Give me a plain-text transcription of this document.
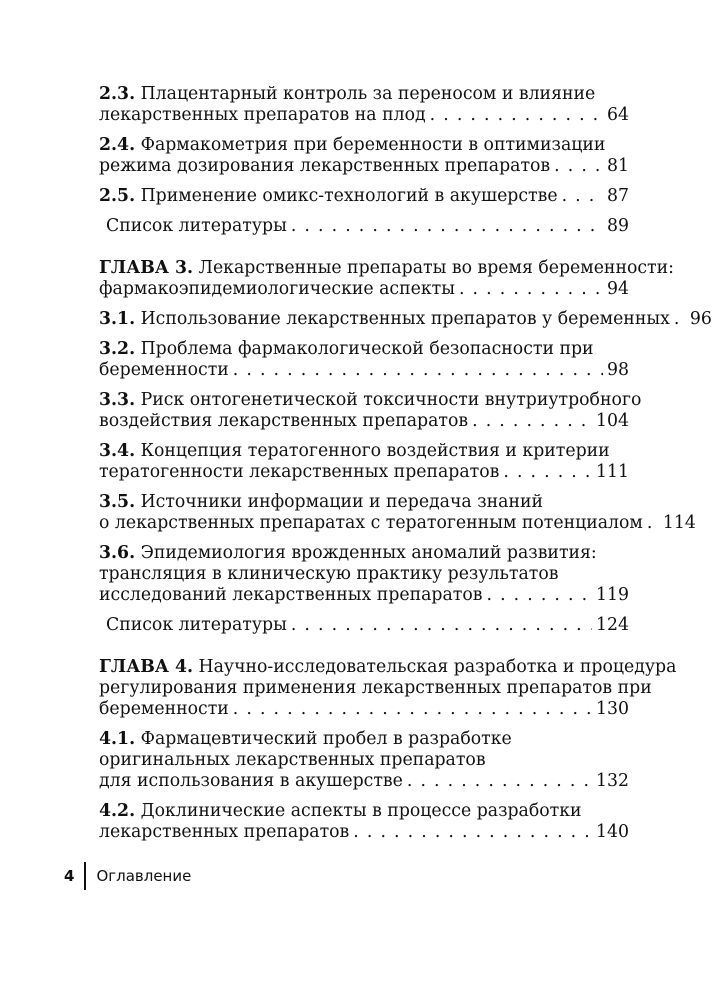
2.3. Плацентарный контроль за переносом и влияние
лекарственных препаратов на плод . . .	64
2.4. Фармакометрия при беременности в оптимизации
режима дозирования лекарственных препаратов . . .	81
2.5. Применение омикс-технологий в акушерстве . . .	87
Список литературы . . .	89
ГЛАВА 3. Лекарственные препараты во время беременности:
фармакоэпидемиологические аспекты . . .	94
3.1. Использование лекарственных препаратов у беременных . . . 96
3.2. Проблема фармакологической безопасности при
беременности . . .	98
3.3. Риск онтогенетической токсичности внутриутробного
воздействия лекарственных препаратов . . .	104
3.4. Концепция тератогенного воздействия и критерии
тератогенности лекарственных препаратов . . .	111
3.5. Источники информации и передача знаний
о лекарственных препаратах с тератогенным потенциалом . . . 114
3.6. Эпидемиология врожденных аномалий развития:
трансляция в клиническую практику результатов
исследований лекарственных препаратов . . .	119
Список литературы . . .	124
ГЛАВА 4. Научно-исследовательская разработка и процедура
регулирования применения лекарственных препаратов при
беременности . . .	130
4.1. Фармацевтический пробел в разработке
оригинальных лекарственных препаратов
для использования в акушерстве . . .	132
4.2. Доклинические аспекты в процессе разработки
лекарственных препаратов . . .	140
4	Оглавление
